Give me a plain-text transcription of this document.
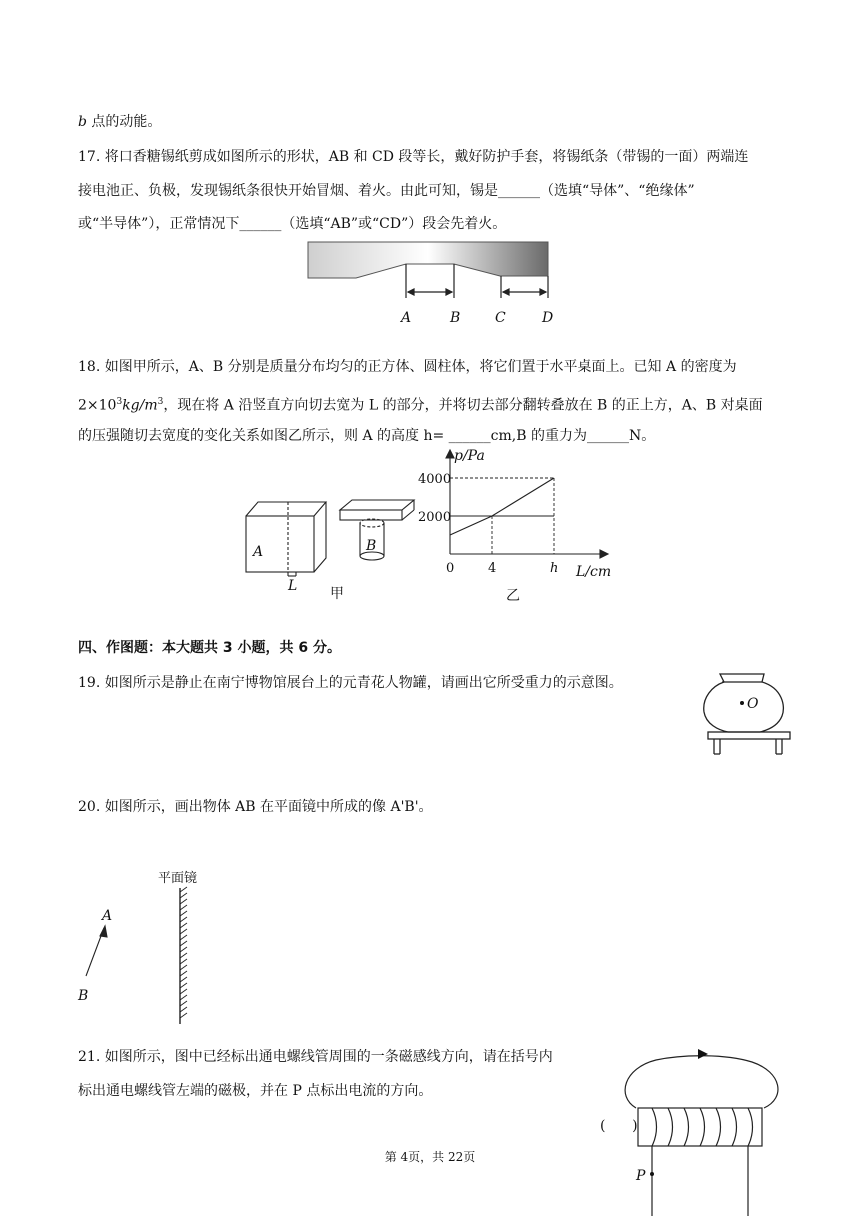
b 点的动能。
17. 将口香糖锡纸剪成如图所示的形状，AB 和 CD 段等长，戴好防护手套，将锡纸条（带锡的一面）两端连
接电池正、负极，发现锡纸条很快开始冒烟、着火。由此可知，锡是______（选填“导体”、“绝缘体”
或“半导体”），正常情况下______（选填“AB”或“CD”）段会先着火。
A	B C	D
18. 如图甲所示，A、B 分别是质量分布均匀的正方体、圆柱体，将它们置于水平桌面上。已知 A 的密度为
$2\times 10^3kg/m^3$，现在将 A 沿竖直方向切去宽为 L 的部分，并将切去部分翻转叠放在 B 的正上方，A、B 对桌面
的压强随切去宽度的变化关系如图乙所示，则 A 的高度 h= ______cm,B 的重力为______N。
A	B
L 甲
2000
4000
0	4	h
p/Pa
L/cm
乙
四、作图题：本大题共 3 小题，共 6 分。
19. 如图所示是静止在南宁博物馆展台上的元青花人物罐，请画出它所受重力的示意图。
O
20. 如图所示，画出物体 AB 在平面镜中所成的像 A'B'。
平面镜
A
B
21. 如图所示，图中已经标出通电螺线管周围的一条磁感线方向，请在括号内
标出通电螺线管左端的磁极，并在 P 点标出电流的方向。
(      )
P
第 4页，共 22页
